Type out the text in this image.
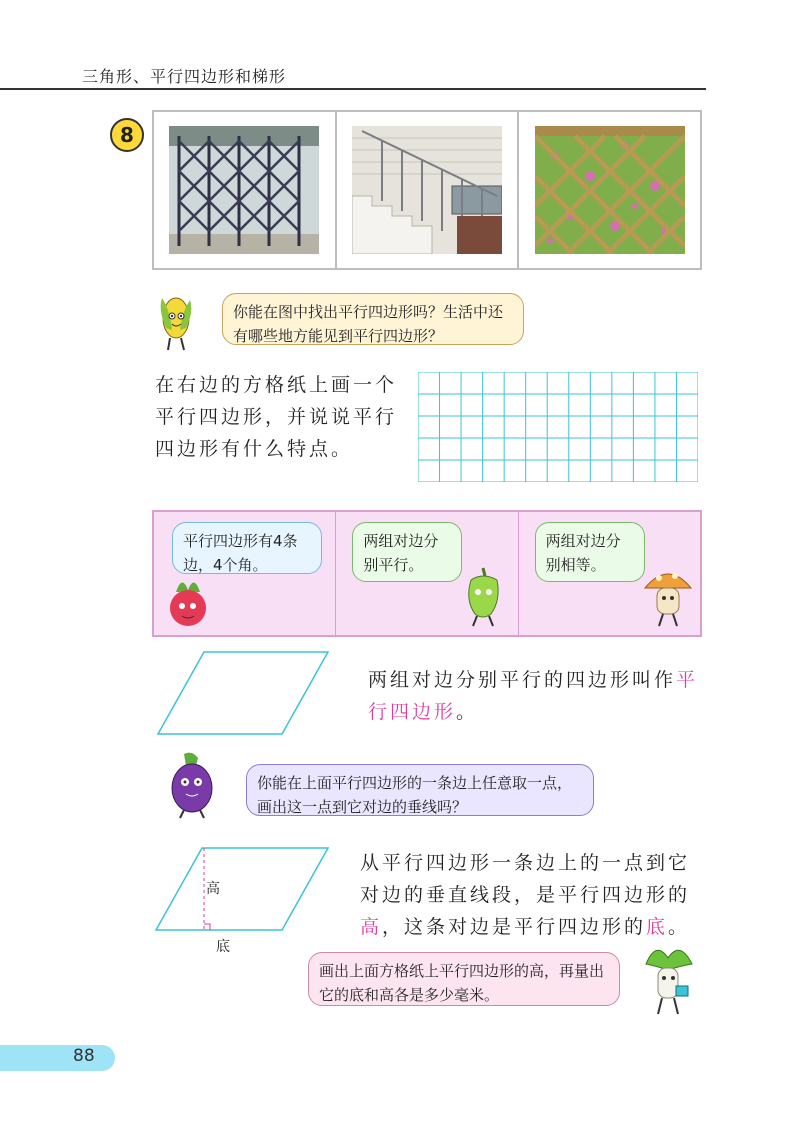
三角形、平行四边形和梯形
8
你能在图中找出平行四边形吗？生活中还有哪些地方能见到平行四边形？
在右边的方格纸上画一个平行四边形，并说说平行四边形有什么特点。
平行四边形有4条边，4个角。
两组对边分别平行。
两组对边分别相等。
两组对边分别平行的四边形叫作平行四边形。
你能在上面平行四边形的一条边上任意取一点，画出这一点到它对边的垂线吗？
高
底
从平行四边形一条边上的一点到它对边的垂直线段，是平行四边形的高，这条对边是平行四边形的底。
画出上面方格纸上平行四边形的高，再量出它的底和高各是多少毫米。
88
